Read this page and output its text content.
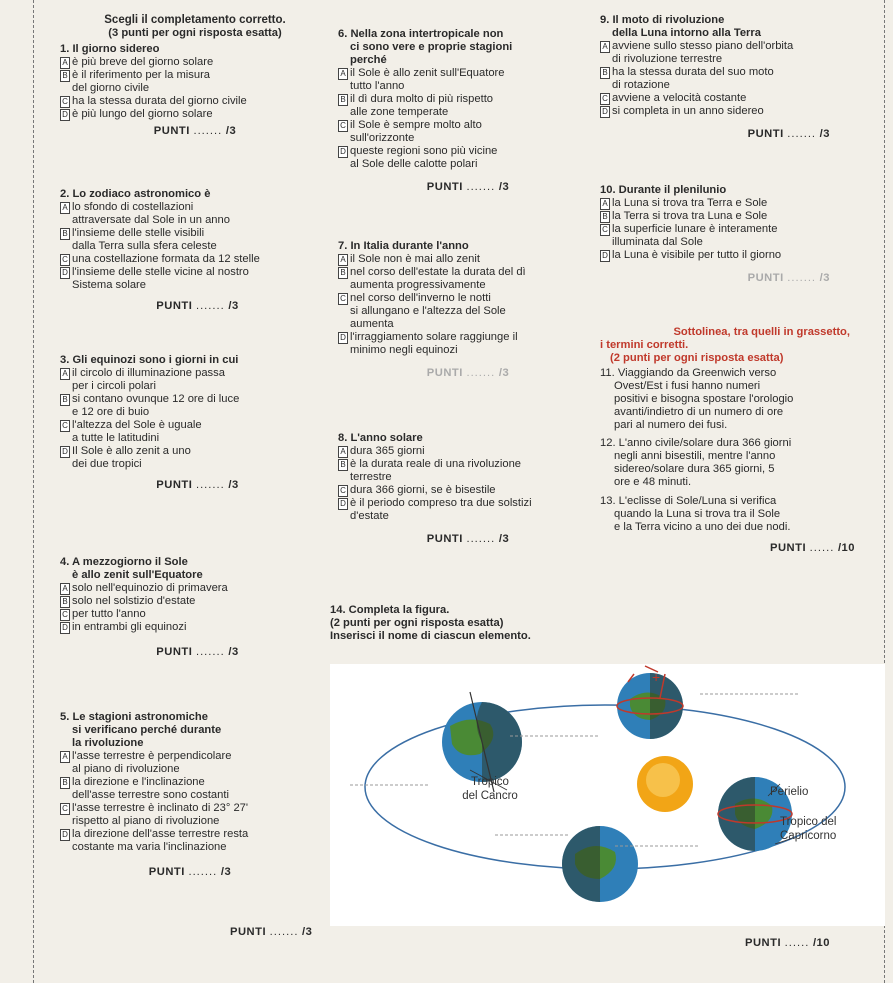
Scegli il completamento corretto.
(3 punti per ogni risposta esatta)
1. Il giorno sidereo
A è più breve del giorno solare
B è il riferimento per la misura
del giorno civile
C ha la stessa durata del giorno civile
D è più lungo del giorno solare
PUNTI ....... /3
2. Lo zodiaco astronomico è
A lo sfondo di costellazioni
attraversate dal Sole in un anno
B l'insieme delle stelle visibili
dalla Terra sulla sfera celeste
C una costellazione formata da 12 stelle
D l'insieme delle stelle vicine al nostro
Sistema solare
PUNTI ....... /3
3. Gli equinozi sono i giorni in cui
A il circolo di illuminazione passa
per i circoli polari
B si contano ovunque 12 ore di luce
e 12 ore di buio
C l'altezza del Sole è uguale
a tutte le latitudini
D Il Sole è allo zenit a uno
dei due tropici
PUNTI ....... /3
4. A mezzogiorno il Sole
è allo zenit sull'Equatore
A solo nell'equinozio di primavera
B solo nel solstizio d'estate
C per tutto l'anno
D in entrambi gli equinozi
PUNTI ....... /3
5. Le stagioni astronomiche
si verificano perché durante
la rivoluzione
A l'asse terrestre è perpendicolare
al piano di rivoluzione
B la direzione e l'inclinazione
dell'asse terrestre sono costanti
C l'asse terrestre è inclinato di 23° 27'
rispetto al piano di rivoluzione
D la direzione dell'asse terrestre resta
costante ma varia l'inclinazione
PUNTI ....... /3
6. Nella zona intertropicale non
ci sono vere e proprie stagioni
perché
A il Sole è allo zenit sull'Equatore
tutto l'anno
B il dì dura molto di più rispetto
alle zone temperate
C il Sole è sempre molto alto
sull'orizzonte
D queste regioni sono più vicine
al Sole delle calotte polari
PUNTI ....... /3
7. In Italia durante l'anno
A il Sole non è mai allo zenit
B nel corso dell'estate la durata del dì
aumenta progressivamente
C nel corso dell'inverno le notti
si allungano e l'altezza del Sole
aumenta
D l'irraggiamento solare raggiunge il
minimo negli equinozi
PUNTI ....... /3
8. L'anno solare
A dura 365 giorni
B è la durata reale di una rivoluzione
terrestre
C dura 366 giorni, se è bisestile
D è il periodo compreso tra due solstizi
d'estate
PUNTI ....... /3
14. Completa la figura.
(2 punti per ogni risposta esatta)
Inserisci il nome di ciascun elemento.
9. Il moto di rivoluzione
della Luna intorno alla Terra
A avviene sullo stesso piano dell'orbita
di rivoluzione terrestre
B ha la stessa durata del suo moto
di rotazione
C avviene a velocità costante
D si completa in un anno sidereo
PUNTI ....... /3
10. Durante il plenilunio
A la Luna si trova tra Terra e Sole
B la Terra si trova tra Luna e Sole
C la superficie lunare è interamente
illuminata dal Sole
D la Luna è visibile per tutto il giorno
PUNTI ....... /3
Sottolinea, tra quelli in grassetto,
i termini corretti.
(2 punti per ogni risposta esatta)
11. Viaggiando da Greenwich verso
Ovest/Est i fusi hanno numeri
positivi e bisogna spostare l'orologio
avanti/indietro di un numero di ore
pari al numero dei fusi.
12. L'anno civile/solare dura 366 giorni
negli anni bisestili, mentre l'anno
sidereo/solare dura 365 giorni, 5
ore e 48 minuti.
13. L'eclisse di Sole/Luna si verifica
quando la Luna si trova tra il Sole
e la Terra vicino a uno dei due nodi.
PUNTI ...... /10
+
Tropico
del Cancro	Perielio
Tropico del
Capricorno
PUNTI ....... /3
PUNTI ...... /10
